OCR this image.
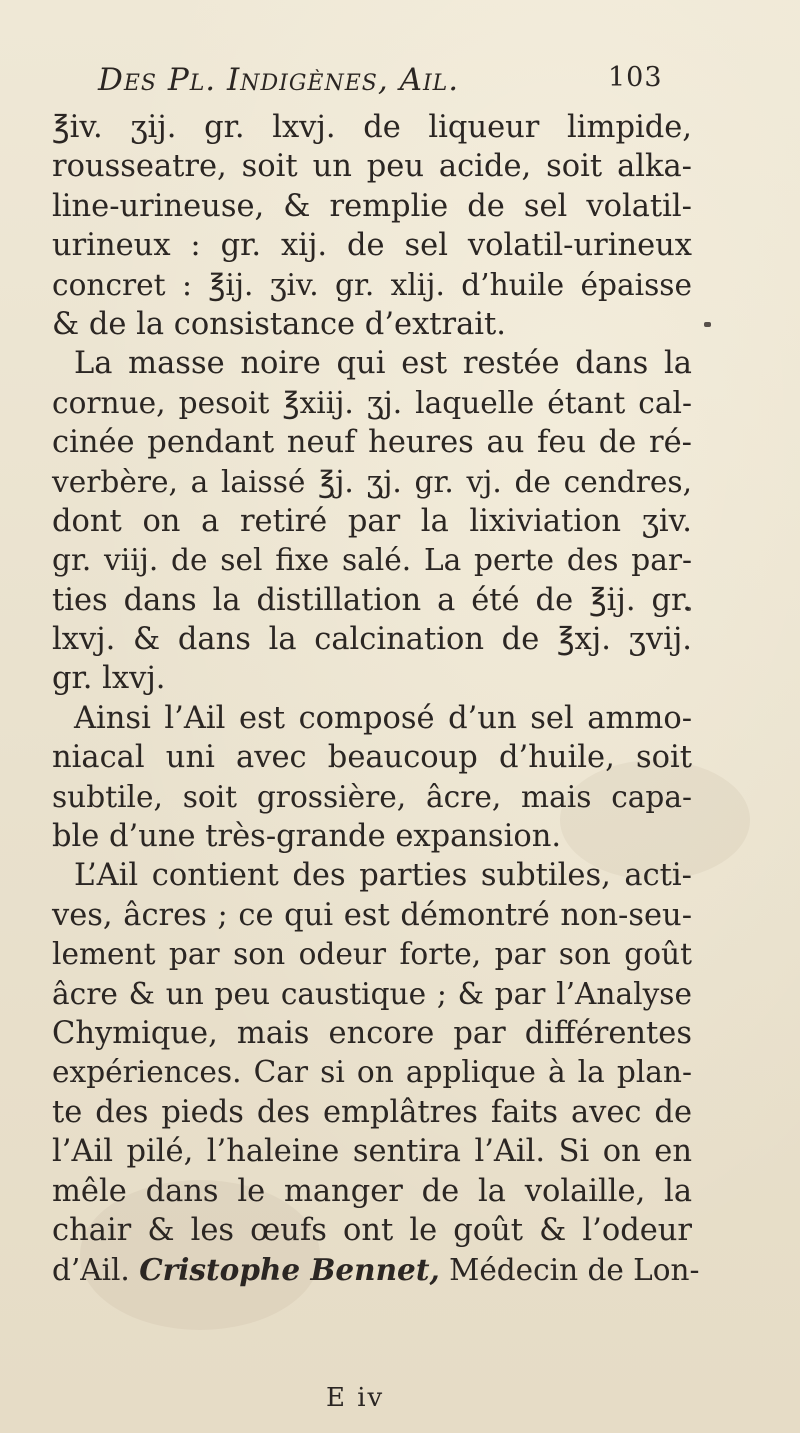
Des Pl. Indigènes, Ail.	103
℥iv. ʒij. gr. lxvj. de liqueur limpide,
rousseatre, soit un peu acide, soit alka-
line-urineuse, & remplie de sel volatil-
urineux : gr. xij. de sel volatil-urineux
concret : ℥ij. ʒiv. gr. xlij. d’huile épaisse
& de la consistance d’extrait.
La masse noire qui est restée dans la
cornue, pesoit ℥xiij. ʒj. laquelle étant cal-
cinée pendant neuf heures au feu de ré-
verbère, a laissé ℥j. ʒj. gr. vj. de cendres,
dont on a retiré par la lixiviation ʒiv.
gr. viij. de sel fixe salé. La perte des par-
ties dans la distillation a été de ℥ij. gr.
lxvj. & dans la calcination de ℥xj. ʒvij.
gr. lxvj.
Ainsi l’Ail est composé d’un sel ammo-
niacal uni avec beaucoup d’huile, soit
subtile, soit grossière, âcre, mais capa-
ble d’une très-grande expansion.
L’Ail contient des parties subtiles, acti-
ves, âcres ; ce qui est démontré non-seu-
lement par son odeur forte, par son goût
âcre & un peu caustique ; & par l’Analyse
Chymique, mais encore par différentes
expériences. Car si on applique à la plan-
te des pieds des emplâtres faits avec de
l’Ail pilé, l’haleine sentira l’Ail. Si on en
mêle dans le manger de la volaille, la
chair & les œufs ont le goût & l’odeur
d’Ail. Cristophe Bennet, Médecin de Lon-
E iv
